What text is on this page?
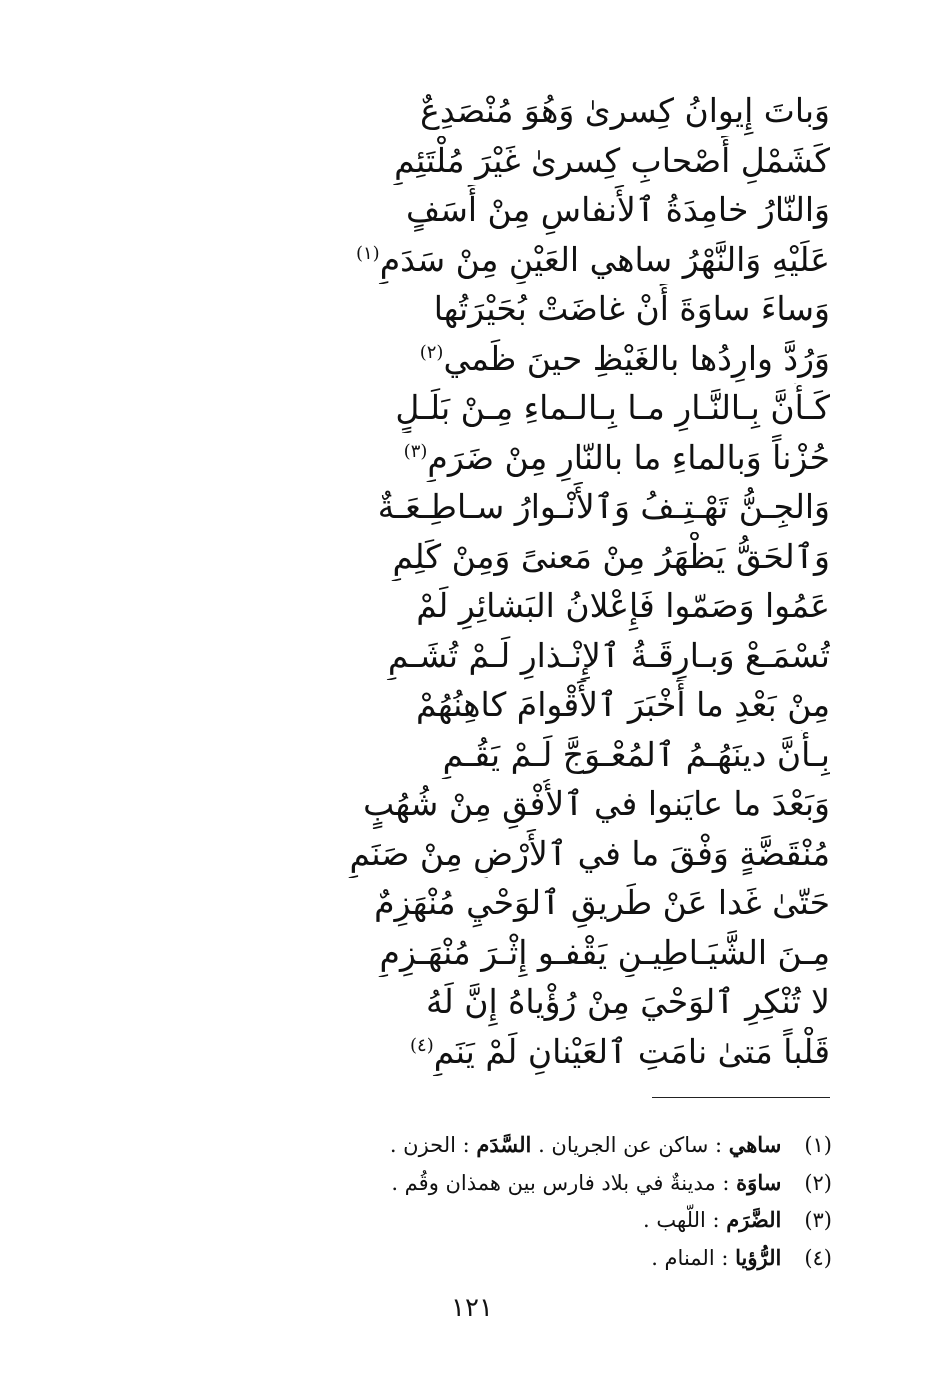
وَباتَ إِيوانُ كِسرىٰ وَهُوَ مُنْصَدِعٌ
كَشَمْلِ أَصْحابِ كِسرىٰ غَيْرَ مُلْتَئِمِ
وَالنّارُ خامِدَةُ ٱلأَنفاسِ مِنْ أَسَفٍ
عَلَيْهِ وَالنَّهْرُ ساهي العَيْنِ مِنْ سَدَمِ$^{(١)}$
وَساءَ ساوَةَ أَنْ غاضَتْ بُحَيْرَتُها
وَرُدَّ وارِدُها بالغَيْظِ حينَ ظَمي$^{(٢)}$
كَـأَنَّ بِـالنَّـارِ مـا بِـالـماءِ مِـنْ بَلَـلٍ
حُزْناً وَبالماءِ ما بالنّارِ مِنْ ضَرَمِ$^{(٣)}$
وَالجِـنُّ تَهْـتِـفُ وَٱلأَنْـوارُ سـاطِـعَـةٌ
وَٱلحَقُّ يَظْهَرُ مِنْ مَعنىً وَمِنْ كَلِمِ
عَمُوا وَصَمّوا فَإِعْلانُ البَشائِرِ لَمْ
تُسْمَـعْ وَبـارِقَـةُ ٱلإِنْـذارِ لَـمْ تُشَـمِ
مِنْ بَعْدِ ما أَخْبَرَ ٱلأَقْوامَ كاهِنُهُمْ
بِـأَنَّ دينَهُـمُ ٱلمُعْـوَجَّ لَـمْ يَقُـمِ
وَبَعْدَ ما عايَنوا في ٱلأُفْقِ مِنْ شُهُبٍ
مُنْقَضَّةٍ وَفْقَ ما في ٱلأَرْضِ مِنْ صَنَمِ
حَتّىٰ غَدا عَنْ طَريقِ ٱلوَحْيِ مُنْهَزِمٌ
مِـنَ الشَّيَـاطِيـنِ يَقْفـو إِثْـرَ مُنْهَـزِمِ
لا تُنْكِرِ ٱلوَحْيَ مِنْ رُؤْياهُ إِنَّ لَهُ
قَلْباً مَتىٰ نامَتِ ٱلعَيْنانِ لَمْ يَنَمِ$^{(٤)}$
(١) ساهي : ساكن عن الجريان . السَّدَم : الحزن .
(٢) ساوَة : مدينةٌ في بلاد فارس بين همذان وقُم .
(٣) الضَّرَم : اللّهب .
(٤) الرُّؤيا : المنام .
١٢١
